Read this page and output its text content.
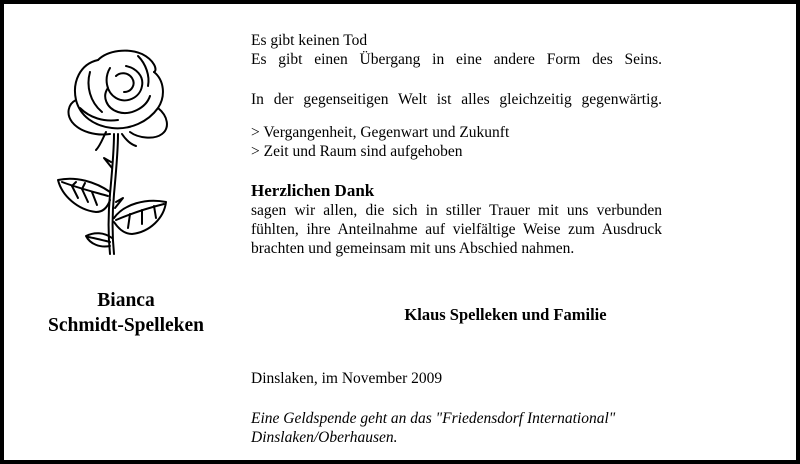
Bianca
Schmidt-Spelleken
Es gibt keinen Tod
Es gibt einen Übergang in eine andere Form des Seins.
In der gegenseitigen Welt ist alles gleichzeitig gegenwärtig.
> Vergangenheit, Gegenwart und Zukunft
> Zeit und Raum sind aufgehoben
Herzlichen Dank
sagen wir allen, die sich in stiller Trauer mit uns verbunden
fühlten, ihre Anteilnahme auf vielfältige Weise zum Ausdruck
brachten und gemeinsam mit uns Abschied nahmen.
Klaus Spelleken und Familie
Dinslaken, im November 2009
Eine Geldspende geht an das "Friedensdorf International"
Dinslaken/Oberhausen.
